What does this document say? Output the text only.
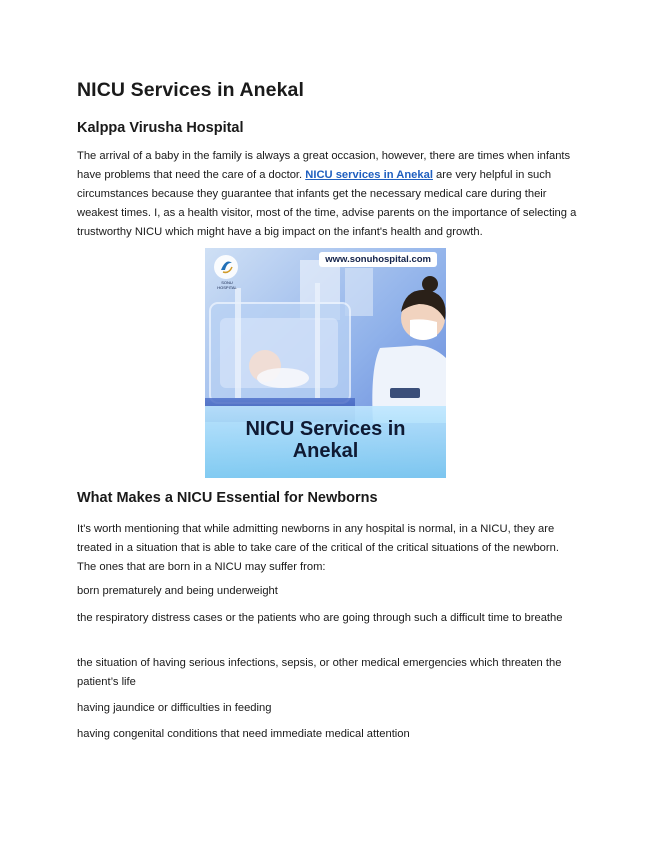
NICU Services in Anekal
Kalppa Virusha Hospital

The arrival of a baby in the family is always a great occasion, however, there are times when infants have problems that need the care of a doctor. NICU services in Anekal are very helpful in such circumstances because they guarantee that infants get the necessary medical care during their weakest times. I, as a health visitor, most of the time, advise parents on the importance of selecting a trustworthy NICU which might have a big impact on the infant's health and growth.

SONU HOSPITAL
www.sonuhospital.com
NICU Services in
Anekal
What Makes a NICU Essential for Newborns

It's worth mentioning that while admitting newborns in any hospital is normal, in a NICU, they are treated in a situation that is able to take care of the critical of the critical situations of the newborn. The ones that are born in a NICU may suffer from:

born prematurely and being underweight

the respiratory distress cases or the patients who are going through such a difficult time to breathe

the situation of having serious infections, sepsis, or other medical emergencies which threaten the patient’s life

having jaundice or difficulties in feeding

having congenital conditions that need immediate medical attention
